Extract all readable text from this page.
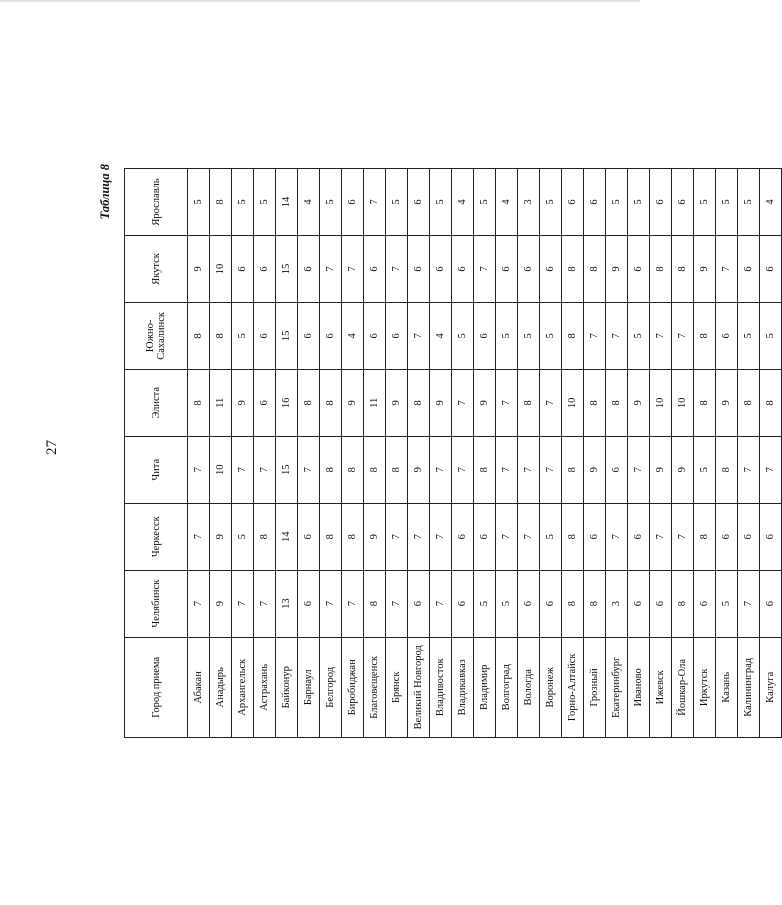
27
Таблица 8
Город приема	Челябинск	Черкесск	Чита	Элиста	Южно-Сахалинск	Якутск	Ярославль
Абакан	7	7	7	8	8	9	5
Анадырь	9	9	10	11	8	10	8
Архангельск	7	5	7	9	5	6	5
Астрахань	7	8	7	6	6	6	5
Байконур	13	14	15	16	15	15	14
Барнаул	6	6	7	8	6	6	4
Белгород	7	8	8	8	6	7	5
Биробиджан	7	8	8	9	4	7	6
Благовещенск	8	9	8	11	6	6	7
Брянск	7	7	8	9	6	7	5
Великий Новгород	6	7	9	8	7	6	6
Владивосток	7	7	7	9	4	6	5
Владикавказ	6	6	7	7	5	6	4
Владимир	5	6	8	9	6	7	5
Волгоград	5	7	7	7	5	6	4
Вологда	6	7	7	8	5	6	3
Воронеж	6	5	7	7	5	6	5
Горно-Алтайск	8	8	8	10	8	8	6
Грозный	8	6	9	8	7	8	6
Екатеринбург	3	7	6	8	7	9	5
Иваново	6	6	7	9	5	6	5
Ижевск	6	7	9	10	7	8	6
Йошкар-Ола	8	7	9	10	7	8	6
Иркутск	6	8	5	8	8	9	5
Казань	5	6	8	9	6	7	5
Калининград	7	6	7	8	5	6	5
Калуга	6	6	7	8	5	6	4
